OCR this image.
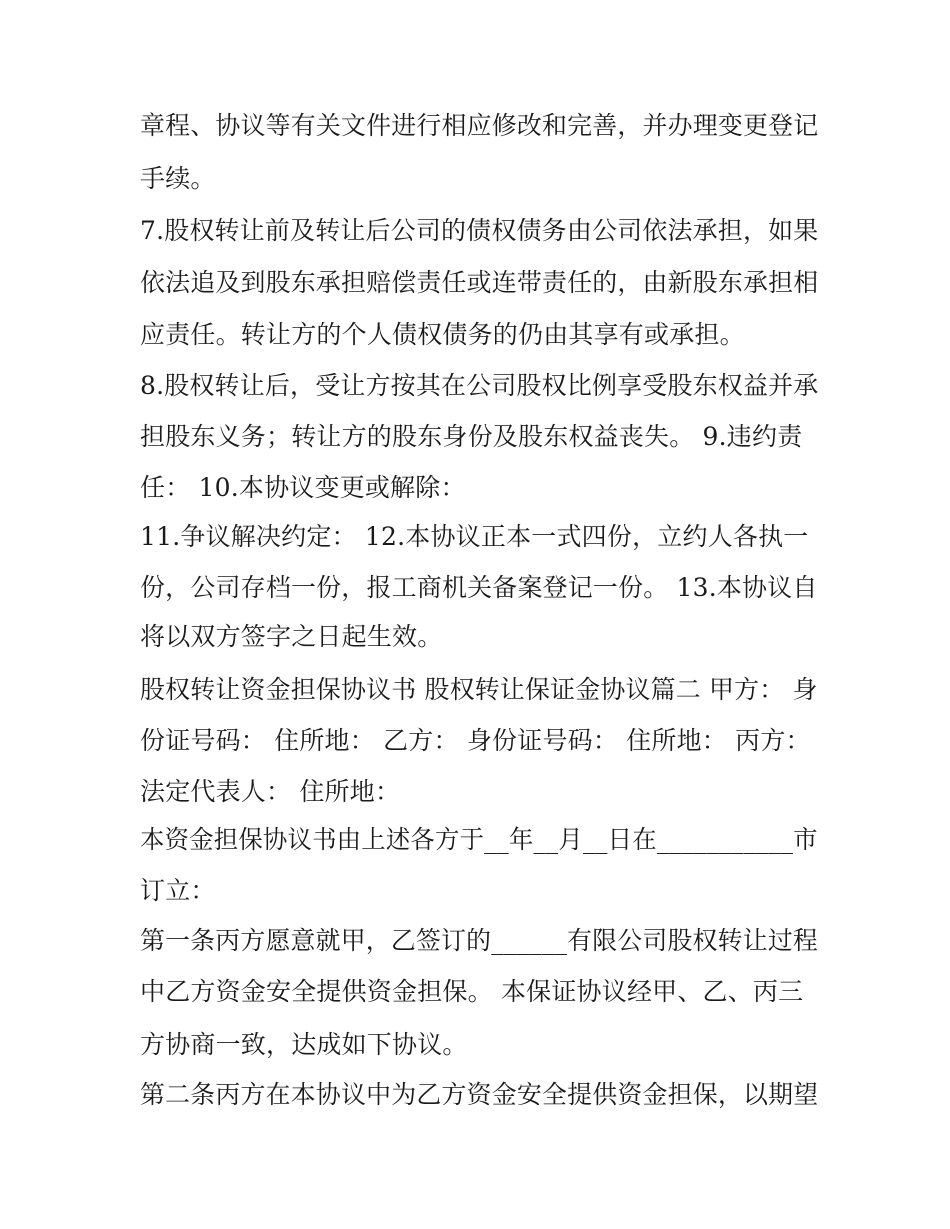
章程、协议等有关文件进行相应修改和完善，并办理变更登记
手续。
7.股权转让前及转让后公司的债权债务由公司依法承担，如果
依法追及到股东承担赔偿责任或连带责任的，由新股东承担相
应责任。转让方的个人债权债务的仍由其享有或承担。
8.股权转让后，受让方按其在公司股权比例享受股东权益并承
担股东义务；转让方的股东身份及股东权益丧失。 9.违约责
任： 10.本协议变更或解除：
11.争议解决约定： 12.本协议正本一式四份，立约人各执一
份，公司存档一份，报工商机关备案登记一份。 13.本协议自
将以双方签字之日起生效。
股权转让资金担保协议书 股权转让保证金协议篇二 甲方： 身
份证号码： 住所地： 乙方： 身份证号码： 住所地： 丙方：
法定代表人： 住所地：
本资金担保协议书由上述各方于__年__月__日在___________市
订立：
第一条丙方愿意就甲，乙签订的______有限公司股权转让过程
中乙方资金安全提供资金担保。 本保证协议经甲、乙、丙三
方协商一致，达成如下协议。
第二条丙方在本协议中为乙方资金安全提供资金担保，以期望
